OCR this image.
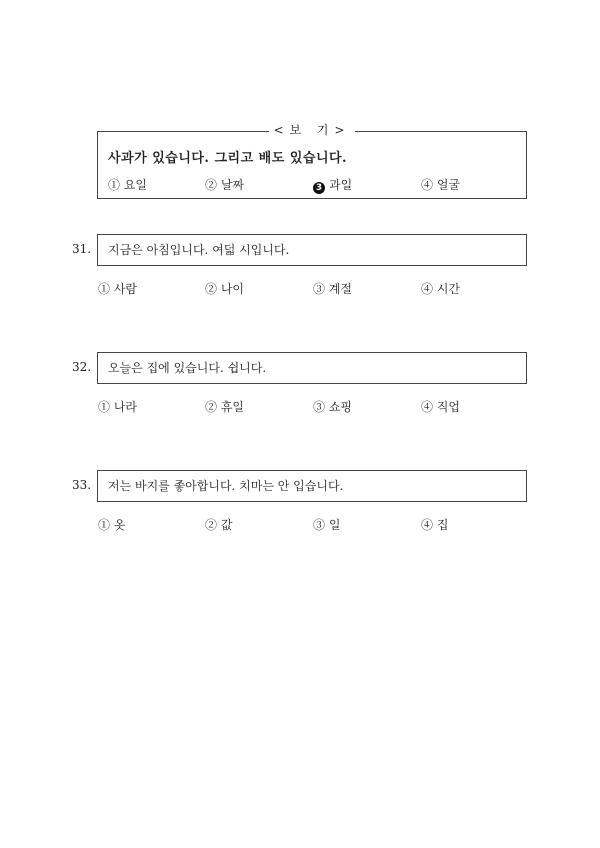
<보 기>
사과가 있습니다. 그리고 배도 있습니다.
① 요일	② 날짜	3 과일	④ 얼굴
31.	지금은 아침입니다. 여덟 시입니다.
① 사람	② 나이	③ 계절	④ 시간
32.	오늘은 집에 있습니다. 쉽니다.
① 나라	② 휴일	③ 쇼핑	④ 직업
33.	저는 바지를 좋아합니다. 치마는 안 입습니다.
① 옷	② 값	③ 일	④ 집
